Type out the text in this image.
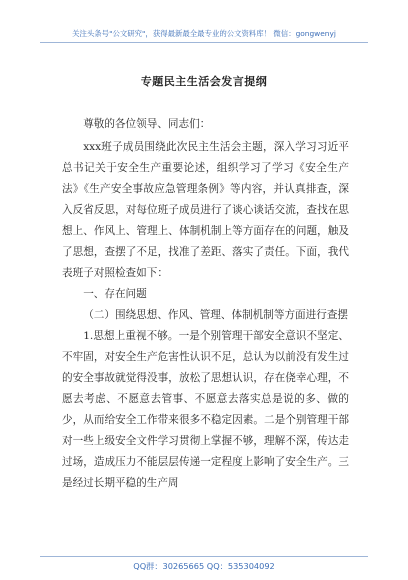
关注头条号"公文研究"，获得最新最全最专业的公文资料库！ 微信：gongwenyj
专题民主生活会发言提纲

尊敬的各位领导、同志们：

xxx班子成员围绕此次民主生活会主题，深入学习习近平总书记关于安全生产重要论述，组织学习了学习《安全生产法》《生产安全事故应急管理条例》等内容，并认真排查，深入反省反思，对每位班子成员进行了谈心谈话交流，查找在思想上、作风上、管理上、体制机制上等方面存在的问题，触及了思想，查摆了不足，找准了差距、落实了责任。下面，我代表班子对照检查如下：

一、存在问题

（二）围绕思想、作风、管理、体制机制等方面进行查摆

1.思想上重视不够。一是个别管理干部安全意识不坚定、不牢固，对安全生产危害性认识不足，总认为以前没有发生过的安全事故就觉得没事，放松了思想认识，存在侥幸心理，不愿去考虑、不愿意去管事、不愿意去落实总是说的多、做的少，从而给安全工作带来很多不稳定因素。二是个别管理干部对一些上级安全文件学习贯彻上掌握不够，理解不深，传达走过场，造成压力不能层层传递一定程度上影响了安全生产。三是经过长期平稳的生产周

QQ群：30265665 QQ：535304092
